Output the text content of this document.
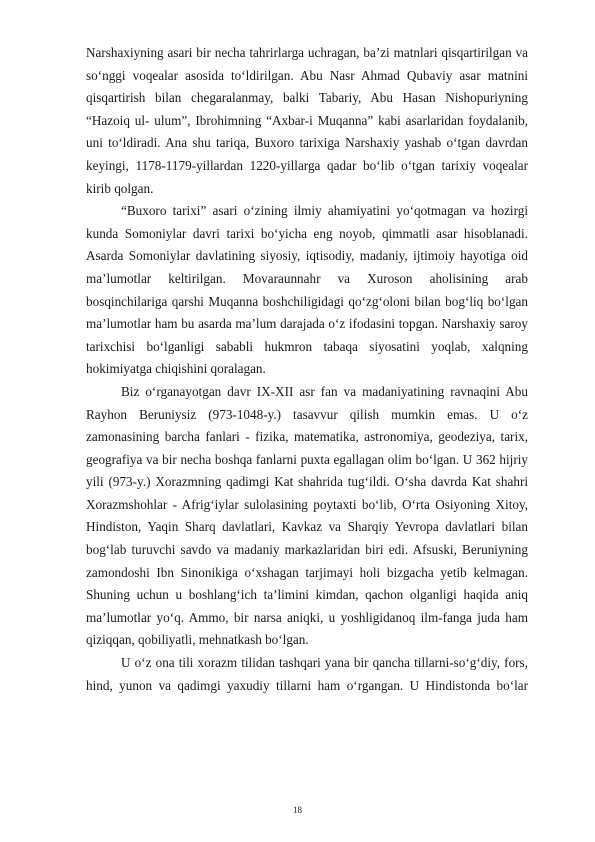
Narshaxiyning asari bir necha tahrirlarga uchragan, ba’zi matnlari qisqartirilgan va
so‘nggi voqealar asosida to‘ldirilgan. Abu Nasr Ahmad Qubaviy asar matnini
qisqartirish bilan chegaralanmay, balki Tabariy, Abu Hasan Nishopuriyning
“Hazoiq ul- ulum”, Ibrohimning “Axbar-i Muqanna” kabi asarlaridan foydalanib,
uni to‘ldiradi. Ana shu tariqa, Buxoro tarixiga Narshaxiy yashab o‘tgan davrdan
keyingi, 1178-1179-yillardan 1220-yillarga qadar bo‘lib o‘tgan tarixiy voqealar
kirib qolgan.
“Buxoro tarixi” asari o‘zining ilmiy ahamiyatini yo‘qotmagan va hozirgi
kunda Somoniylar davri tarixi bo‘yicha eng noyob, qimmatli asar hisoblanadi.
Asarda Somoniylar davlatining siyosiy, iqtisodiy, madaniy, ijtimoiy hayotiga oid
ma’lumotlar keltirilgan. Movaraunnahr va Xuroson aholisining arab
bosqinchilariga qarshi Muqanna boshchiligidagi qo‘zg‘oloni bilan bog‘liq bo‘lgan
ma’lumotlar ham bu asarda ma’lum darajada o‘z ifodasini topgan. Narshaxiy saroy
tarixchisi bo‘lganligi sababli hukmron tabaqa siyosatini yoqlab, xalqning
hokimiyatga chiqishini qoralagan.
Biz o‘rganayotgan davr IX-XII asr fan va madaniyatining ravnaqini Abu
Rayhon Beruniysiz (973-1048-y.) tasavvur qilish mumkin emas. U o‘z
zamonasining barcha fanlari - fizika, matematika, astronomiya, geodeziya, tarix,
geografiya va bir necha boshqa fanlarni puxta egallagan olim bo‘lgan. U 362 hijriy
yili (973-y.) Xorazmning qadimgi Kat shahrida tug‘ildi. O‘sha davrda Kat shahri
Xorazmshohlar - Afrig‘iylar sulolasining poytaxti bo‘lib, O‘rta Osiyoning Xitoy,
Hindiston, Yaqin Sharq davlatlari, Kavkaz va Sharqiy Yevropa davlatlari bilan
bog‘lab turuvchi savdo va madaniy markazlaridan biri edi. Afsuski, Beruniyning
zamondoshi Ibn Sinonikiga o‘xshagan tarjimayi holi bizgacha yetib kelmagan.
Shuning uchun u boshlang‘ich ta’limini kimdan, qachon olganligi haqida aniq
ma’lumotlar yo‘q. Ammo, bir narsa aniqki, u yoshligidanoq ilm-fanga juda ham
qiziqqan, qobiliyatli, mehnatkash bo‘lgan.
U o‘z ona tili xorazm tilidan tashqari yana bir qancha tillarni-so‘g‘diy, fors,
hind, yunon va qadimgi yaxudiy tillarni ham o‘rgangan. U Hindistonda bo‘lar
18
